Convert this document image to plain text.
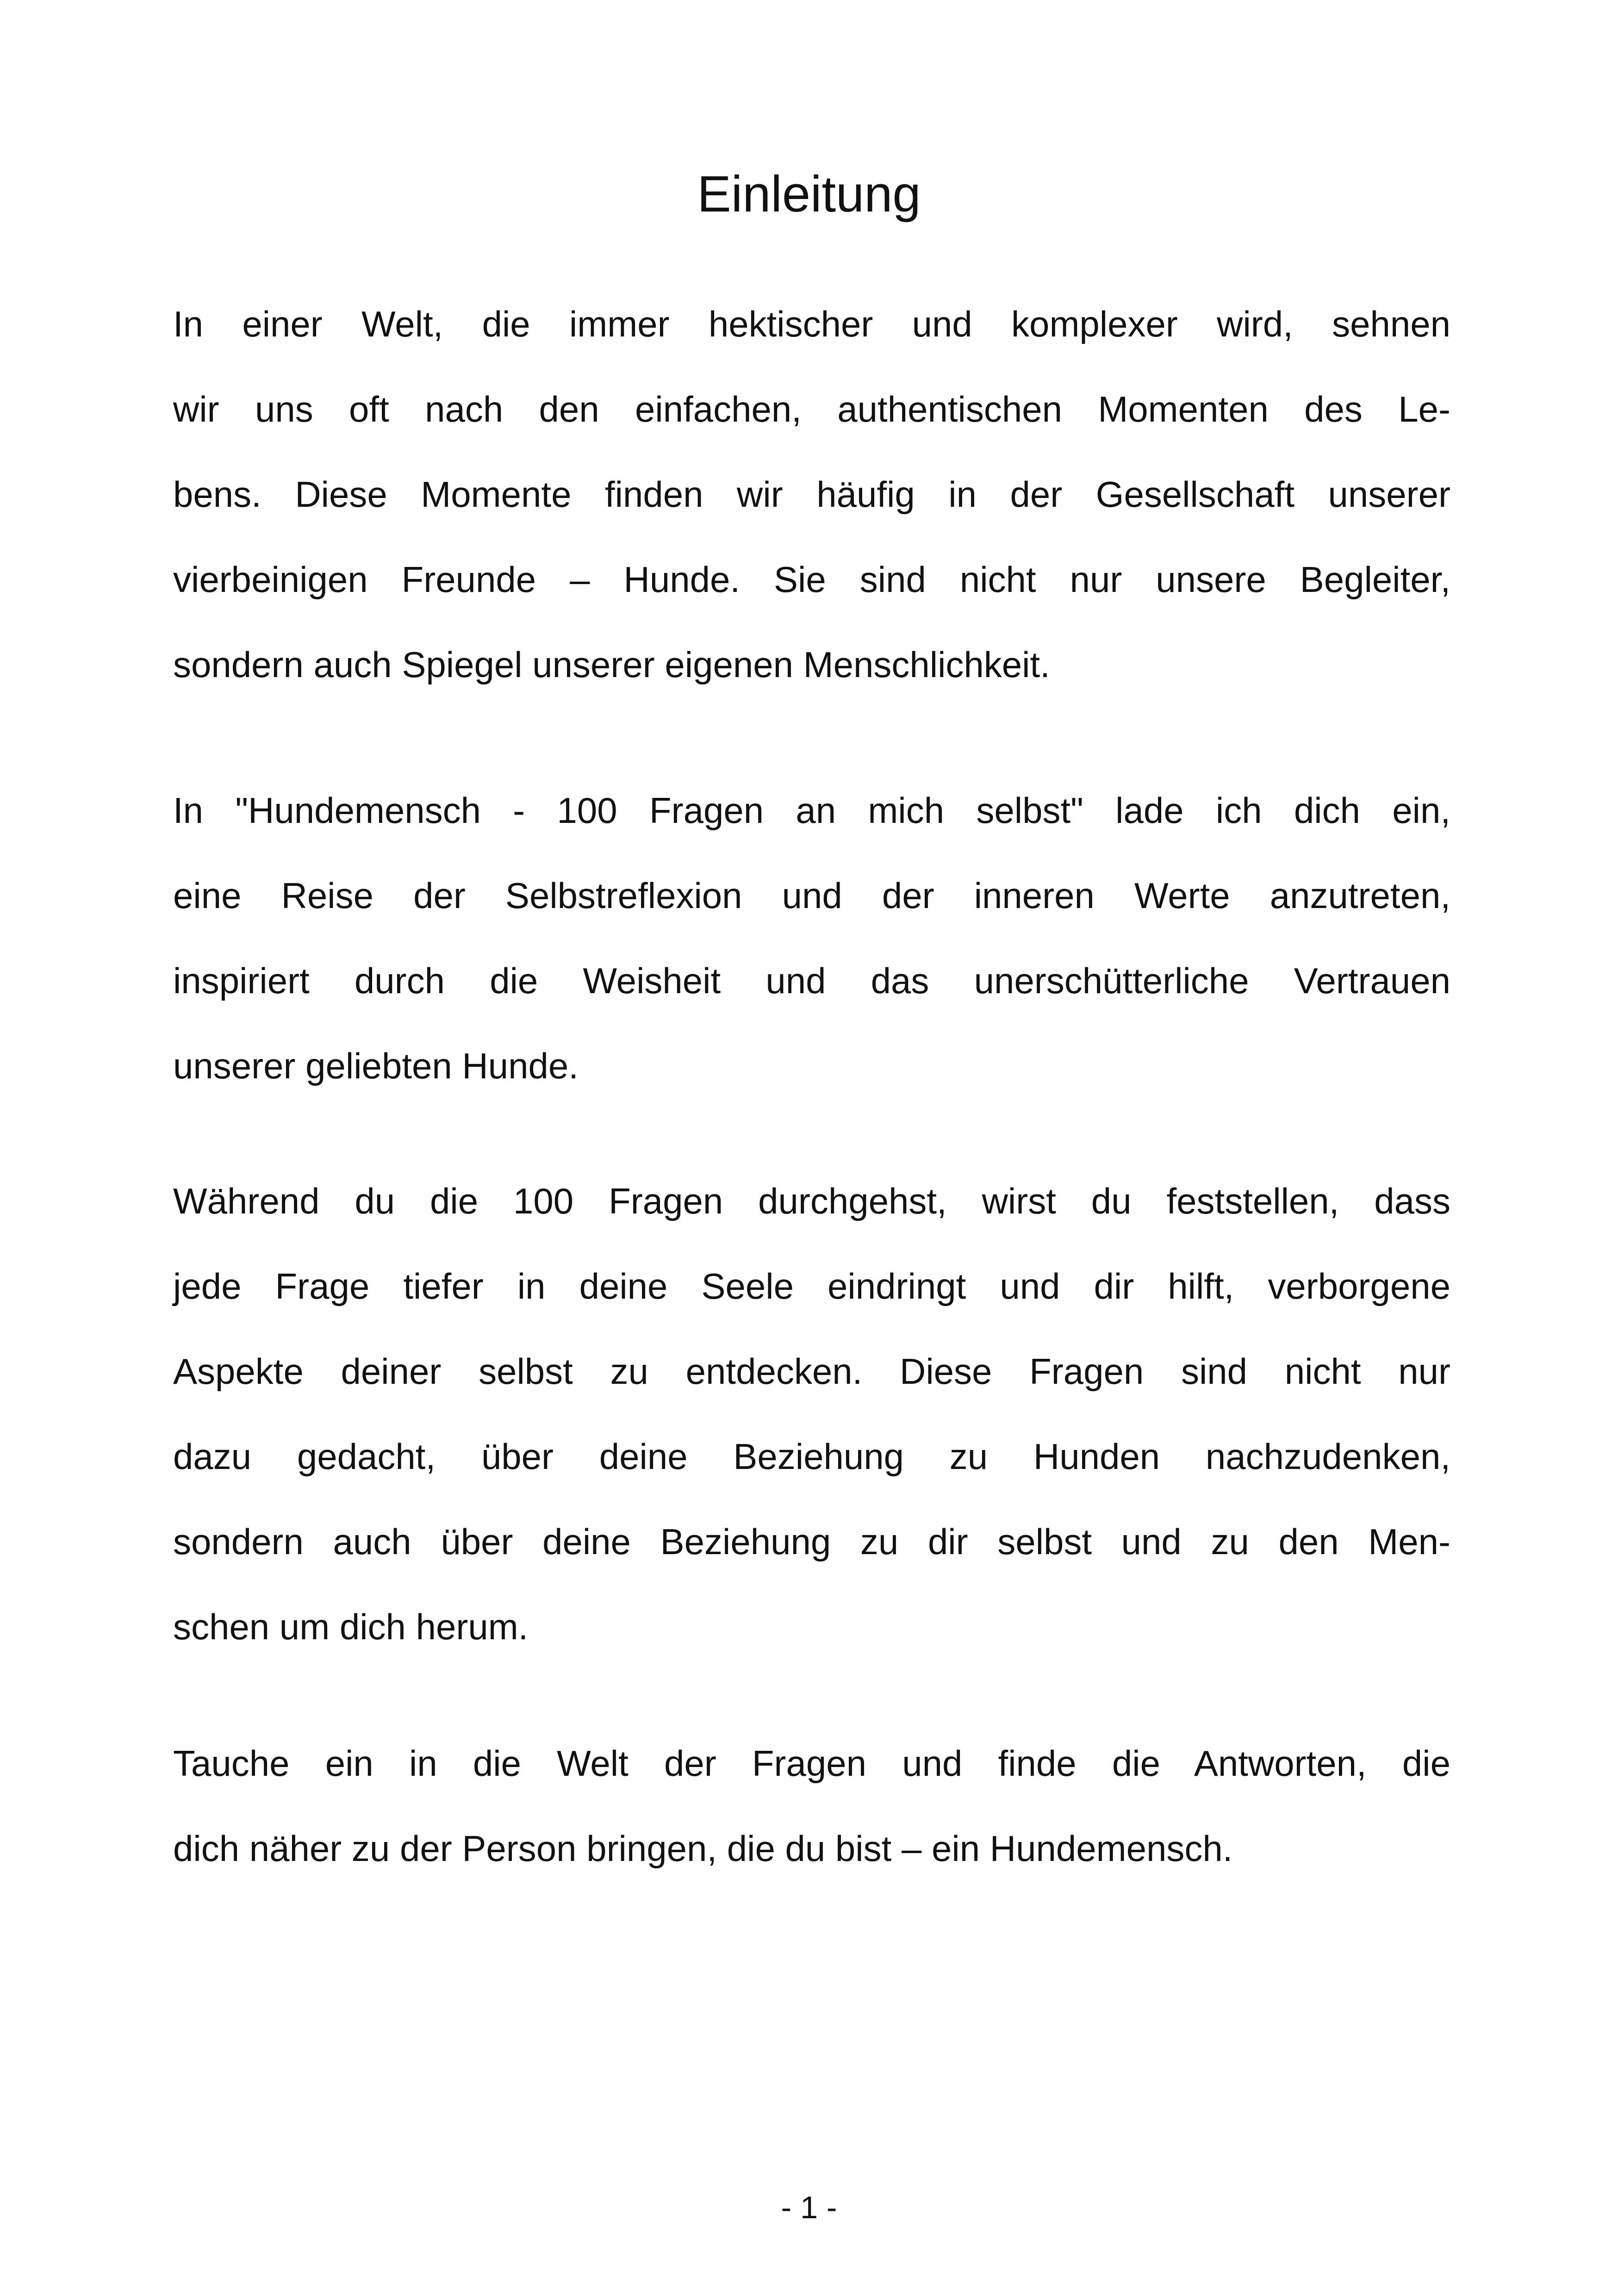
Einleitung
In einer Welt, die immer hektischer und komplexer wird, sehnen
wir uns oft nach den einfachen, authentischen Momenten des Le-
bens. Diese Momente finden wir häufig in der Gesellschaft unserer
vierbeinigen Freunde – Hunde. Sie sind nicht nur unsere Begleiter,
sondern auch Spiegel unserer eigenen Menschlichkeit.
In "Hundemensch - 100 Fragen an mich selbst" lade ich dich ein,
eine Reise der Selbstreflexion und der inneren Werte anzutreten,
inspiriert durch die Weisheit und das unerschütterliche Vertrauen
unserer geliebten Hunde.
Während du die 100 Fragen durchgehst, wirst du feststellen, dass
jede Frage tiefer in deine Seele eindringt und dir hilft, verborgene
Aspekte deiner selbst zu entdecken. Diese Fragen sind nicht nur
dazu gedacht, über deine Beziehung zu Hunden nachzudenken,
sondern auch über deine Beziehung zu dir selbst und zu den Men-
schen um dich herum.
Tauche ein in die Welt der Fragen und finde die Antworten, die
dich näher zu der Person bringen, die du bist – ein Hundemensch.
- 1 -
